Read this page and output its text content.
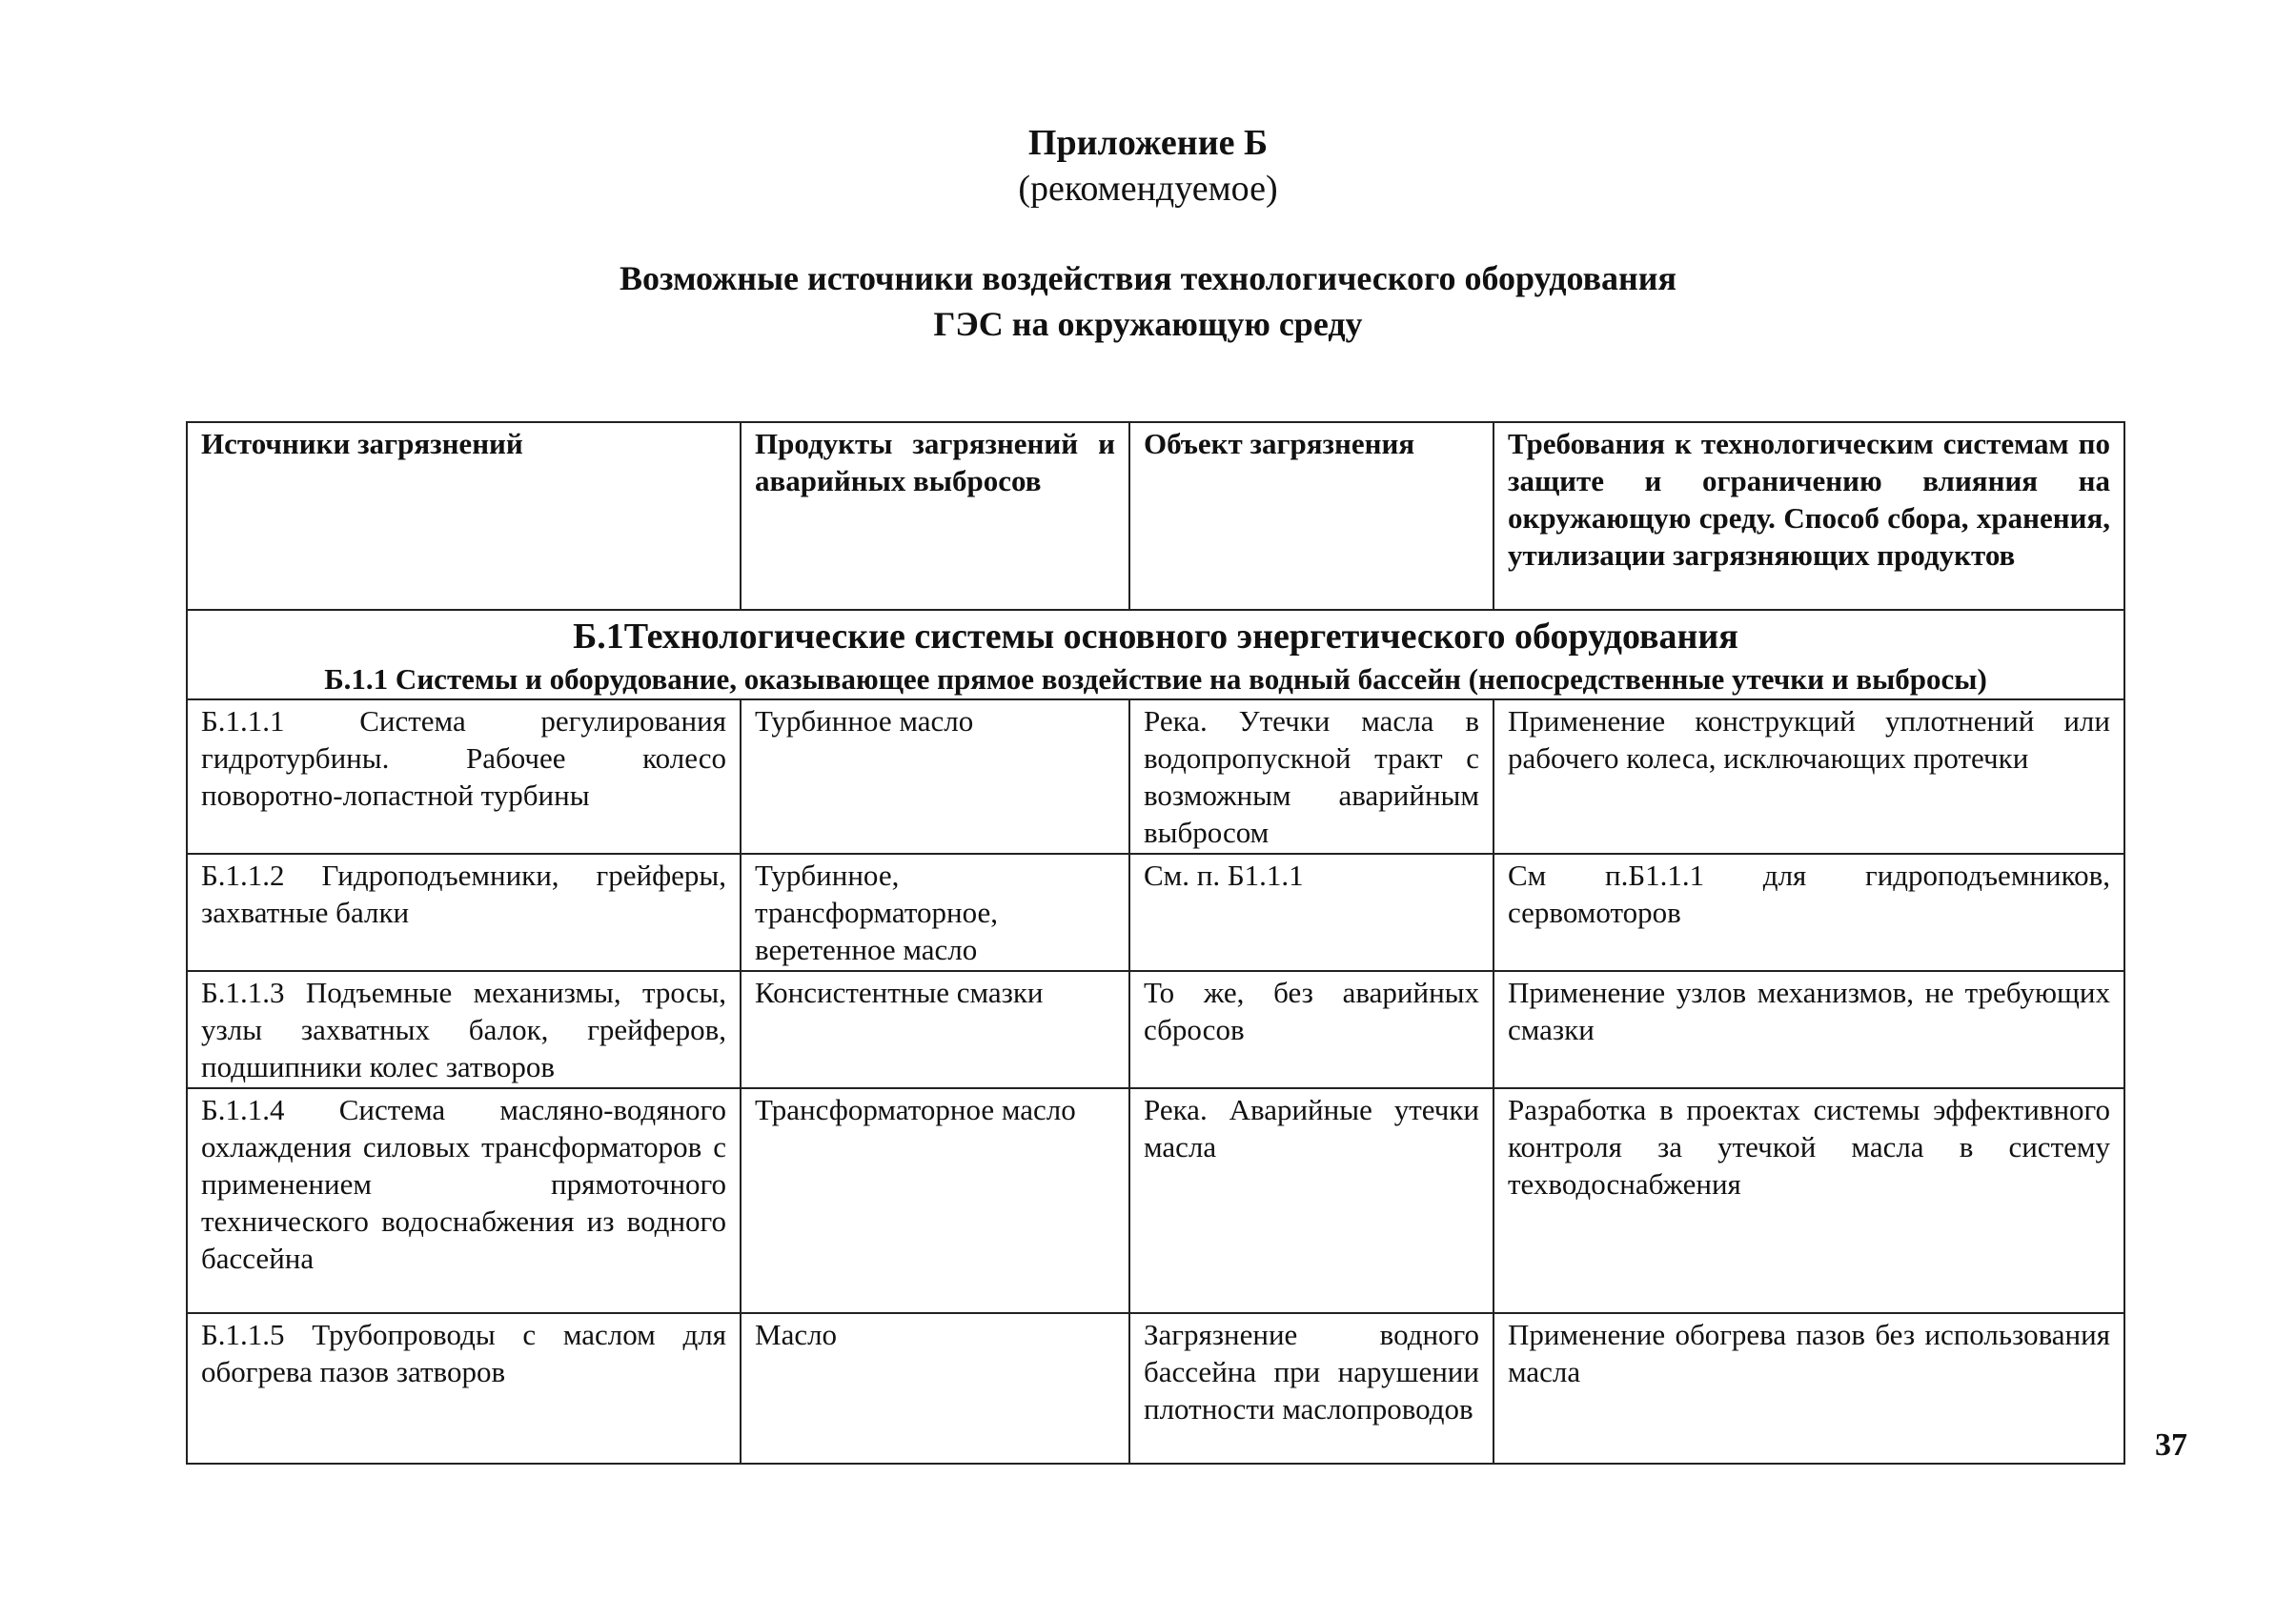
Приложение Б
(рекомендуемое)
Возможные источники воздействия технологического оборудования
ГЭС на окружающую среду
Источники загрязнений	Продукты загрязнений и аварийных выбросов	Объект загрязнения	Требования к технологическим системам по защите и ограничению влияния на окружающую среду. Способ сбора, хранения, утилизации загрязняющих продуктов
Б.1Технологические системы основного энергетического оборудования			
Б.1.1 Системы и оборудование, оказывающее прямое воздействие на водный бассейн (непосредственные утечки и выбросы)			
Б.1.1.1 Система регулирования гидротурбины. Рабочее колесо поворотно-лопастной турбины	Турбинное масло	Река. Утечки масла в водопропускной тракт с возможным аварийным выбросом	Применение конструкций уплотнений или рабочего колеса, исключающих протечки
Б.1.1.2 Гидроподъемники, грейферы, захватные балки	Турбинное, трансформаторное, веретенное масло	См. п. Б1.1.1	См п.Б1.1.1 для гидроподъемников, сервомоторов
Б.1.1.3 Подъемные механизмы, тросы, узлы захватных балок, грейферов, подшипники колес затворов	Консистентные смазки	То же, без аварийных сбросов	Применение узлов механизмов, не требующих смазки
Б.1.1.4 Система масляно-водяного охлаждения силовых трансформаторов с применением прямоточного технического водоснабжения из водного бассейна	Трансформаторное масло	Река. Аварийные утечки масла	Разработка в проектах системы эффективного контроля за утечкой масла в систему техводоснабжения
Б.1.1.5 Трубопроводы с маслом для обогрева пазов затворов	Масло	Загрязнение водного бассейна при нарушении плотности маслопроводов	Применение обогрева пазов без использования масла
37
